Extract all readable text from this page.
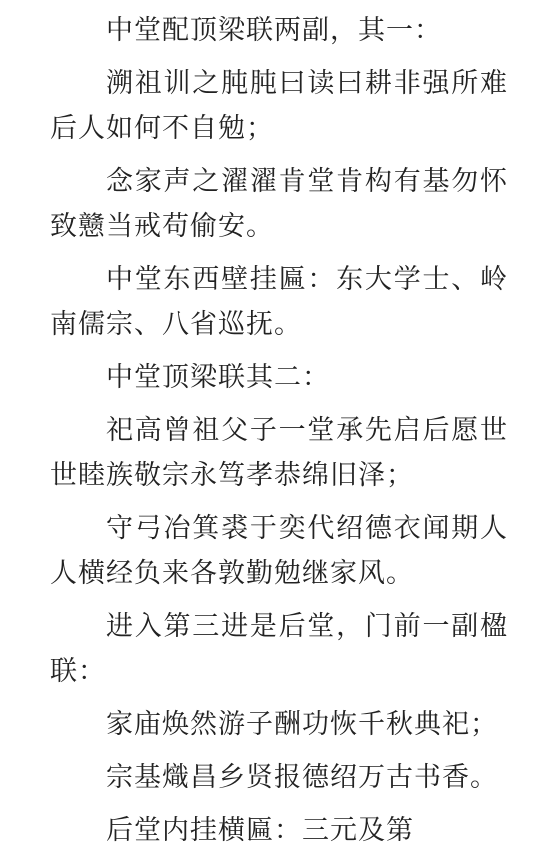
中堂配顶梁联两副，其一：

溯祖训之肫肫曰读曰耕非强所难后人如何不自勉；

念家声之濯濯肯堂肯构有基勿怀致戆当戒苟偷安。

中堂东西壁挂匾：东大学士、岭南儒宗、八省巡抚。

中堂顶梁联其二：

祀高曾祖父子一堂承先启后愿世世睦族敬宗永笃孝恭绵旧泽；

守弓冶箕裘于奕代绍德衣闻期人人横经负来各敦勤勉继家风。

进入第三进是后堂，门前一副楹联：

家庙焕然游子酬功恢千秋典祀；

宗基熾昌乡贤报德绍万古书香。

后堂内挂横匾：三元及第
